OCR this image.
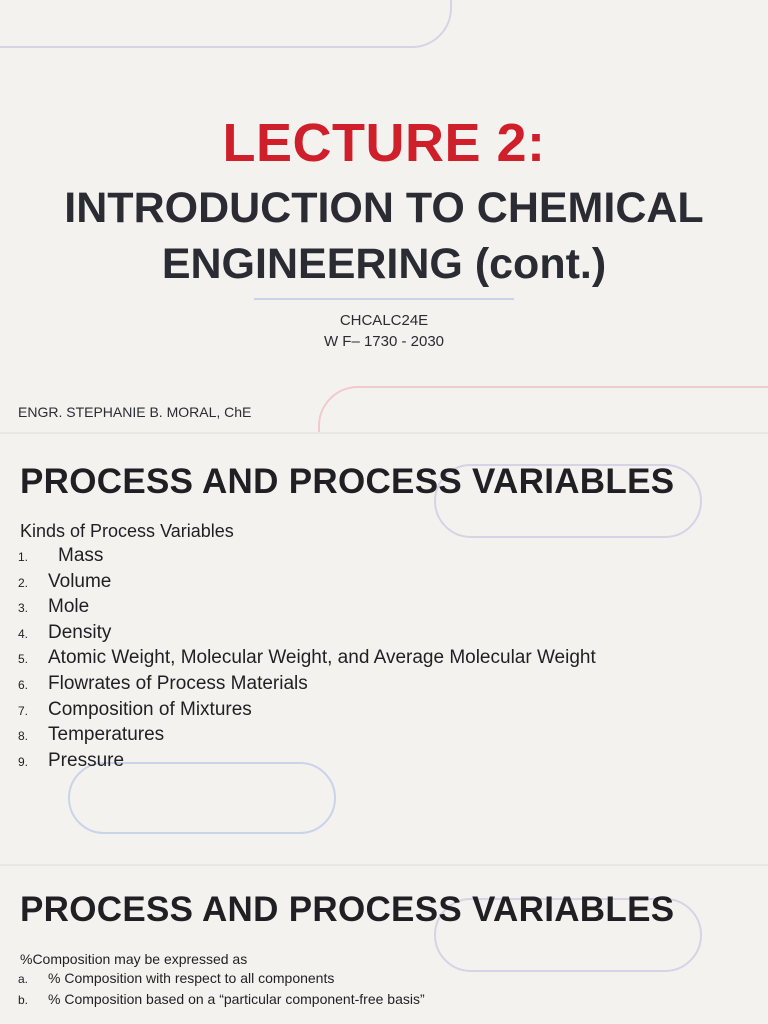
LECTURE 2:
INTRODUCTION TO CHEMICAL
ENGINEERING (cont.)
CHCALC24E
W F– 1730 - 2030
ENGR. STEPHANIE B. MORAL, ChE
PROCESS AND PROCESS VARIABLES
Kinds of Process Variables
1.	Mass
2.	Volume
3.	Mole
4.	Density
5.	Atomic Weight, Molecular Weight, and Average Molecular Weight
6.	Flowrates of Process Materials
7.	Composition of Mixtures
8.	Temperatures
9.	Pressure
PROCESS AND PROCESS VARIABLES
%Composition may be expressed as
a.	% Composition with respect to all components
b.	% Composition based on a “particular component-free basis”
